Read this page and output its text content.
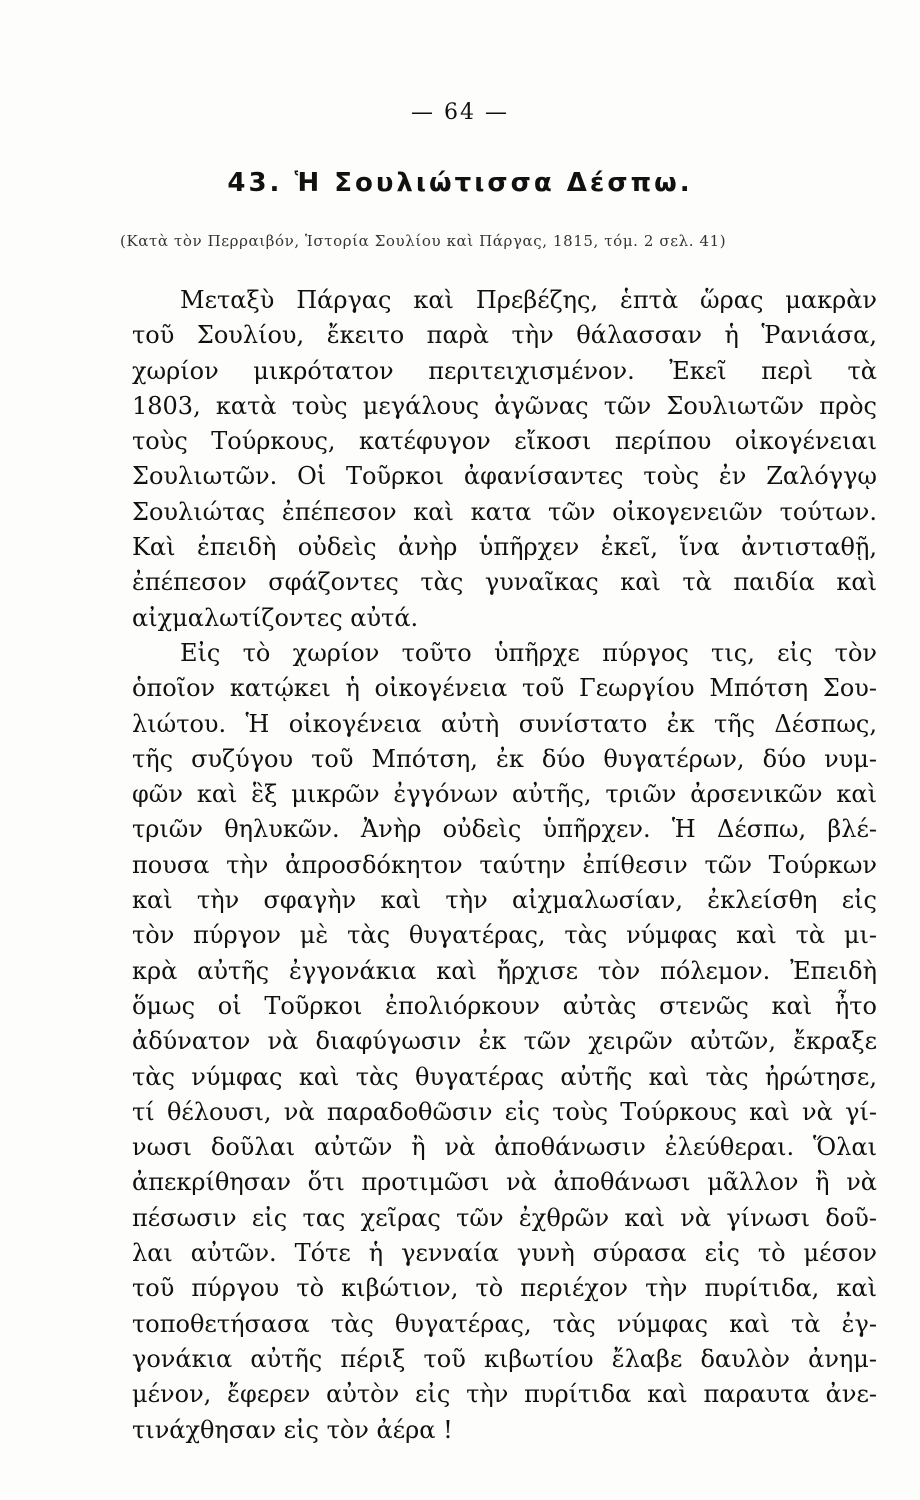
— 64 —
43. Ἡ Σουλιώτισσα Δέσπω.
(Κατὰ τὸν Περραιβόν, Ἱστορία Σουλίου καὶ Πάργας, 1815, τόμ. 2 σελ. 41)
Μεταξὺ Πάργας καὶ Πρεβέζης, ἑπτὰ ὥρας μακρὰν
τοῦ Σουλίου, ἔκειτο παρὰ τὴν θάλασσαν ἡ Ῥανιάσα,
χωρίον μικρότατον περιτειχισμένον. Ἐκεῖ περὶ τὰ
1803, κατὰ τοὺς μεγάλους ἀγῶνας τῶν Σουλιωτῶν πρὸς
τοὺς Τούρκους, κατέφυγον εἴκοσι περίπου οἰκογένειαι
Σουλιωτῶν. Οἱ Τοῦρκοι ἀφανίσαντες τοὺς ἐν Ζαλόγγῳ
Σουλιώτας ἐπέπεσον καὶ κατα τῶν οἰκογενειῶν τούτων.
Καὶ ἐπειδὴ οὐδεὶς ἀνὴρ ὑπῆρχεν ἐκεῖ, ἵνα ἀντισταθῇ,
ἐπέπεσον σφάζοντες τὰς γυναῖκας καὶ τὰ παιδία καὶ
αἰχμαλωτίζοντες αὐτά.
Εἰς τὸ χωρίον τοῦτο ὑπῆρχε πύργος τις, εἰς τὸν
ὁποῖον κατῴκει ἡ οἰκογένεια τοῦ Γεωργίου Μπότση Σου-
λιώτου. Ἡ οἰκογένεια αὐτὴ συνίστατο ἐκ τῆς Δέσπως,
τῆς συζύγου τοῦ Μπότση, ἐκ δύο θυγατέρων, δύο νυμ-
φῶν καὶ ἓξ μικρῶν ἐγγόνων αὐτῆς, τριῶν ἀρσενικῶν καὶ
τριῶν θηλυκῶν. Ἀνὴρ οὐδεὶς ὑπῆρχεν. Ἡ Δέσπω, βλέ-
πουσα τὴν ἀπροσδόκητον ταύτην ἐπίθεσιν τῶν Τούρκων
καὶ τὴν σφαγὴν καὶ τὴν αἰχμαλωσίαν, ἐκλείσθη εἰς
τὸν πύργον μὲ τὰς θυγατέρας, τὰς νύμφας καὶ τὰ μι-
κρὰ αὐτῆς ἐγγονάκια καὶ ἤρχισε τὸν πόλεμον. Ἐπειδὴ
ὅμως οἱ Τοῦρκοι ἐπολιόρκουν αὐτὰς στενῶς καὶ ἦτο
ἀδύνατον νὰ διαφύγωσιν ἐκ τῶν χειρῶν αὐτῶν, ἔκραξε
τὰς νύμφας καὶ τὰς θυγατέρας αὐτῆς καὶ τὰς ἠρώτησε,
τί θέλουσι, νὰ παραδοθῶσιν εἰς τοὺς Τούρκους καὶ νὰ γί-
νωσι δοῦλαι αὐτῶν ἢ νὰ ἀποθάνωσιν ἐλεύθεραι. Ὅλαι
ἀπεκρίθησαν ὅτι προτιμῶσι νὰ ἀποθάνωσι μᾶλλον ἢ νὰ
πέσωσιν εἰς τας χεῖρας τῶν ἐχθρῶν καὶ νὰ γίνωσι δοῦ-
λαι αὐτῶν. Τότε ἡ γενναία γυνὴ σύρασα εἰς τὸ μέσον
τοῦ πύργου τὸ κιβώτιον, τὸ περιέχον τὴν πυρίτιδα, καὶ
τοποθετήσασα τὰς θυγατέρας, τὰς νύμφας καὶ τὰ ἐγ-
γονάκια αὐτῆς πέριξ τοῦ κιβωτίου ἔλαβε δαυλὸν ἀνημ-
μένον, ἔφερεν αὐτὸν εἰς τὴν πυρίτιδα καὶ παραυτα ἀνε-
τινάχθησαν εἰς τὸν ἀέρα !
